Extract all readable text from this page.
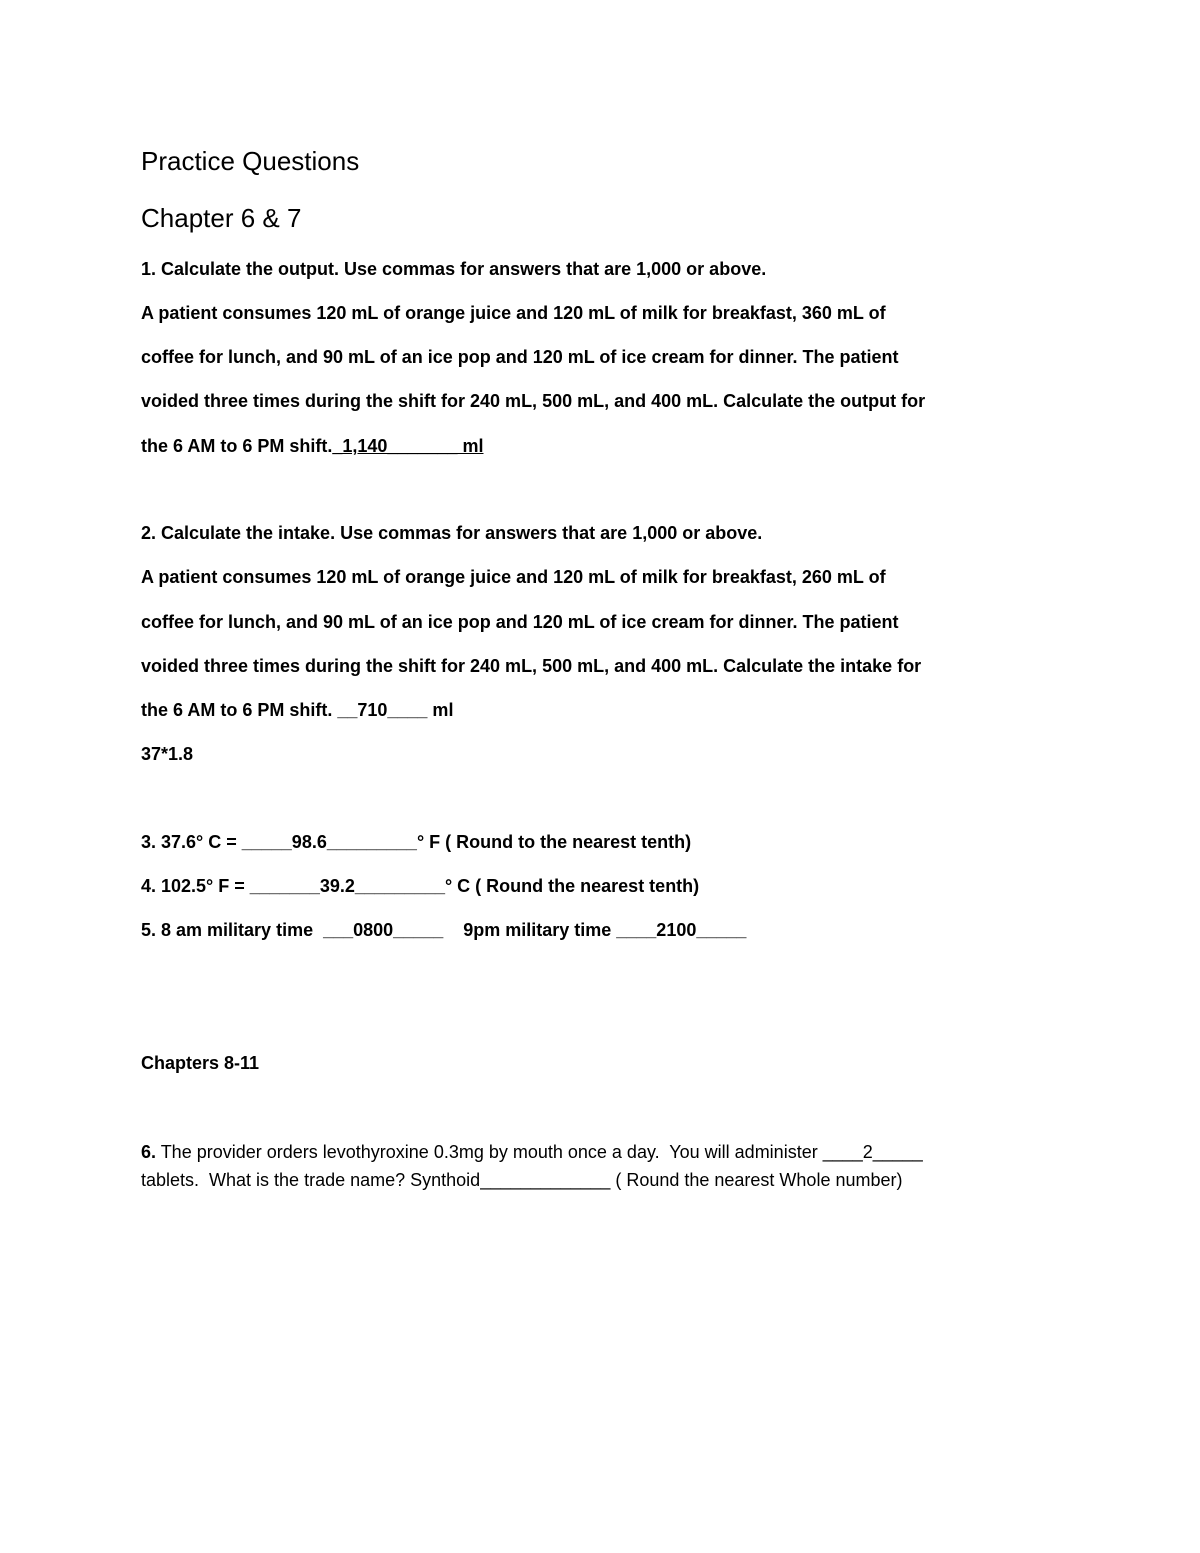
Practice Questions
Chapter 6 & 7
1. Calculate the output. Use commas for answers that are 1,000 or above.
A patient consumes 120 mL of orange juice and 120 mL of milk for breakfast, 360 mL of
coffee for lunch, and 90 mL of an ice pop and 120 mL of ice cream for dinner. The patient
voided three times during the shift for 240 mL, 500 mL, and 400 mL. Calculate the output for
the 6 AM to 6 PM shift._1,140_______ ml
2. Calculate the intake. Use commas for answers that are 1,000 or above.
A patient consumes 120 mL of orange juice and 120 mL of milk for breakfast, 260 mL of
coffee for lunch, and 90 mL of an ice pop and 120 mL of ice cream for dinner. The patient
voided three times during the shift for 240 mL, 500 mL, and 400 mL. Calculate the intake for
the 6 AM to 6 PM shift. __710____ ml
37*1.8
3. 37.6° C = _____98.6_________° F ( Round to the nearest tenth)
4. 102.5° F = _______39.2_________° C ( Round the nearest tenth)
5. 8 am military time  ___0800_____    9pm military time ____2100_____
Chapters 8-11
6. The provider orders levothyroxine 0.3mg by mouth once a day.  You will administer ____2_____
tablets.  What is the trade name? Synthoid_____________ ( Round the nearest Whole number)
